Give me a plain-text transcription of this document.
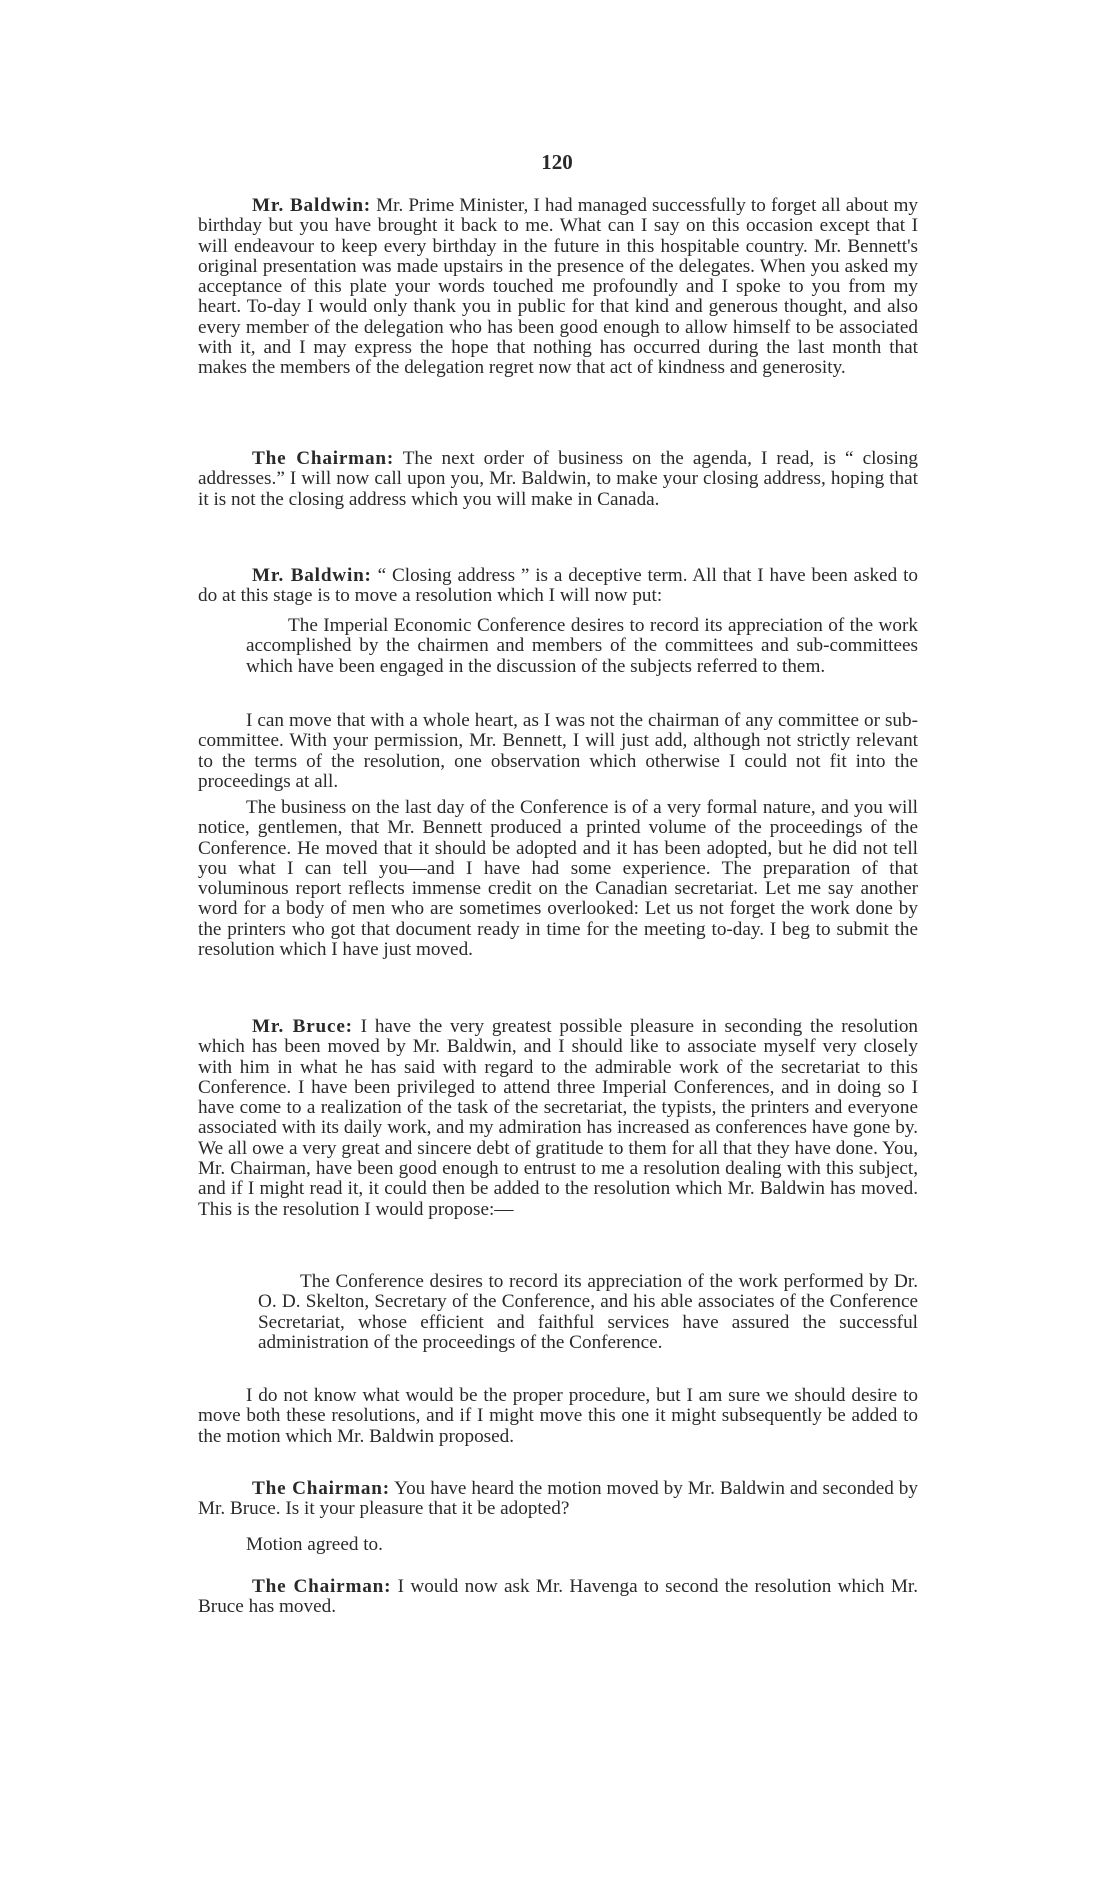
120

Mr. Baldwin: Mr. Prime Minister, I had managed successfully to forget all about my birthday but you have brought it back to me. What can I say on this occasion except that I will endeavour to keep every birthday in the future in this hospitable country. Mr. Bennett's original presentation was made upstairs in the presence of the delegates. When you asked my acceptance of this plate your words touched me profoundly and I spoke to you from my heart. To-day I would only thank you in public for that kind and generous thought, and also every member of the delegation who has been good enough to allow himself to be associated with it, and I may express the hope that nothing has occurred during the last month that makes the members of the delegation regret now that act of kindness and generosity.

The Chairman: The next order of business on the agenda, I read, is “ closing addresses.” I will now call upon you, Mr. Baldwin, to make your closing address, hoping that it is not the closing address which you will make in Canada.

Mr. Baldwin: “ Closing address ” is a deceptive term. All that I have been asked to do at this stage is to move a resolution which I will now put:

The Imperial Economic Conference desires to record its appreciation of the work accomplished by the chairmen and members of the committees and sub-committees which have been engaged in the discussion of the subjects referred to them.

I can move that with a whole heart, as I was not the chairman of any committee or sub-committee. With your permission, Mr. Bennett, I will just add, although not strictly relevant to the terms of the resolution, one observation which otherwise I could not fit into the proceedings at all.

The business on the last day of the Conference is of a very formal nature, and you will notice, gentlemen, that Mr. Bennett produced a printed volume of the proceedings of the Conference. He moved that it should be adopted and it has been adopted, but he did not tell you what I can tell you—and I have had some experience. The preparation of that voluminous report reflects immense credit on the Canadian secretariat. Let me say another word for a body of men who are sometimes overlooked: Let us not forget the work done by the printers who got that document ready in time for the meeting to-day. I beg to submit the resolution which I have just moved.

Mr. Bruce: I have the very greatest possible pleasure in seconding the resolution which has been moved by Mr. Baldwin, and I should like to associate myself very closely with him in what he has said with regard to the admirable work of the secretariat to this Conference. I have been privileged to attend three Imperial Conferences, and in doing so I have come to a realization of the task of the secretariat, the typists, the printers and everyone associated with its daily work, and my admiration has increased as conferences have gone by. We all owe a very great and sincere debt of gratitude to them for all that they have done. You, Mr. Chairman, have been good enough to entrust to me a resolution dealing with this subject, and if I might read it, it could then be added to the resolution which Mr. Baldwin has moved. This is the resolution I would propose:—

The Conference desires to record its appreciation of the work performed by Dr. O. D. Skelton, Secretary of the Conference, and his able associates of the Conference Secretariat, whose efficient and faithful services have assured the successful administration of the proceedings of the Conference.

I do not know what would be the proper procedure, but I am sure we should desire to move both these resolutions, and if I might move this one it might subsequently be added to the motion which Mr. Baldwin proposed.

The Chairman: You have heard the motion moved by Mr. Baldwin and seconded by Mr. Bruce. Is it your pleasure that it be adopted?

Motion agreed to.

The Chairman: I would now ask Mr. Havenga to second the resolution which Mr. Bruce has moved.
